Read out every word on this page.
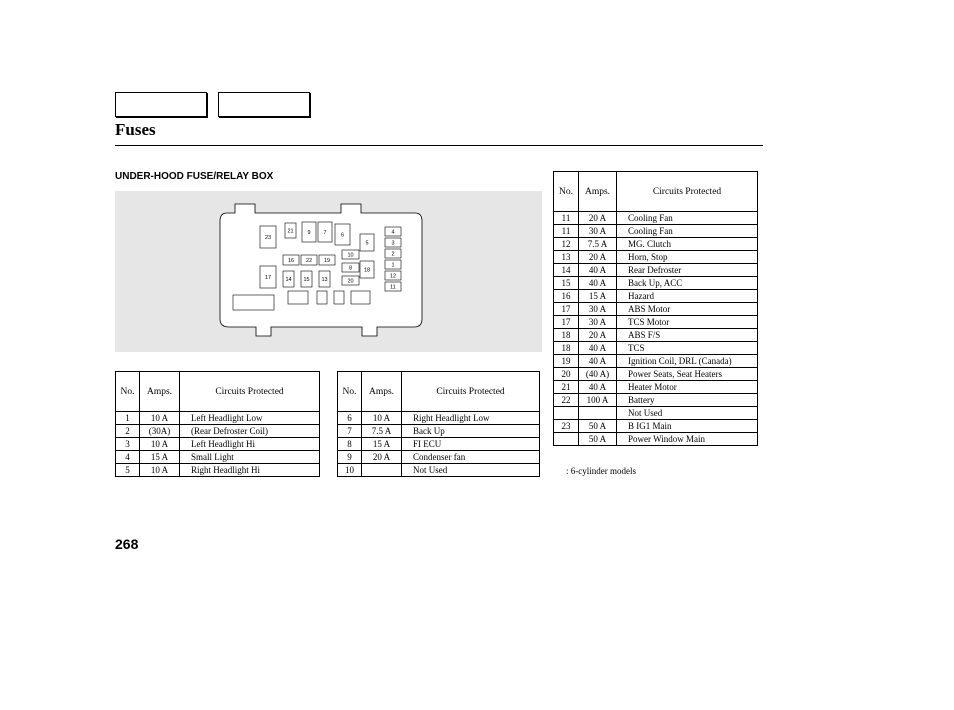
Fuses
UNDER-HOOD FUSE/RELAY BOX
23
21	9 7	6
5
4
3
2
1
12
11
10
8
20
18
16 22 19
17	14 15 13
No.	Amps.	Circuits Protected
1	10 A	Left Headlight Low
2	(30A)	(Rear Defroster Coil)
3	10 A	Left Headlight Hi
4	15 A	Small Light
5	10 A	Right Headlight Hi
No.	Amps.	Circuits Protected
6	10 A	Right Headlight Low
7	7.5 A	Back Up
8	15 A	FI ECU
9	20 A	Condenser fan
10		Not Used
No.	Amps.	Circuits Protected
11	20 A	Cooling Fan
11	30 A	Cooling Fan
12	7.5 A	MG. Clutch
13	20 A	Horn, Stop
14	40 A	Rear Defroster
15	40 A	Back Up, ACC
16	15 A	Hazard
17	30 A	ABS Motor
17	30 A	TCS Motor
18	20 A	ABS F/S
18	40 A	TCS
19	40 A	Ignition Coil, DRL (Canada)
20	(40 A)	Power Seats, Seat Heaters
21	40 A	Heater Motor
22	100 A	Battery
		Not Used
23	50 A	B IG1 Main
	50 A	Power Window Main
: 6-cylinder models
268
